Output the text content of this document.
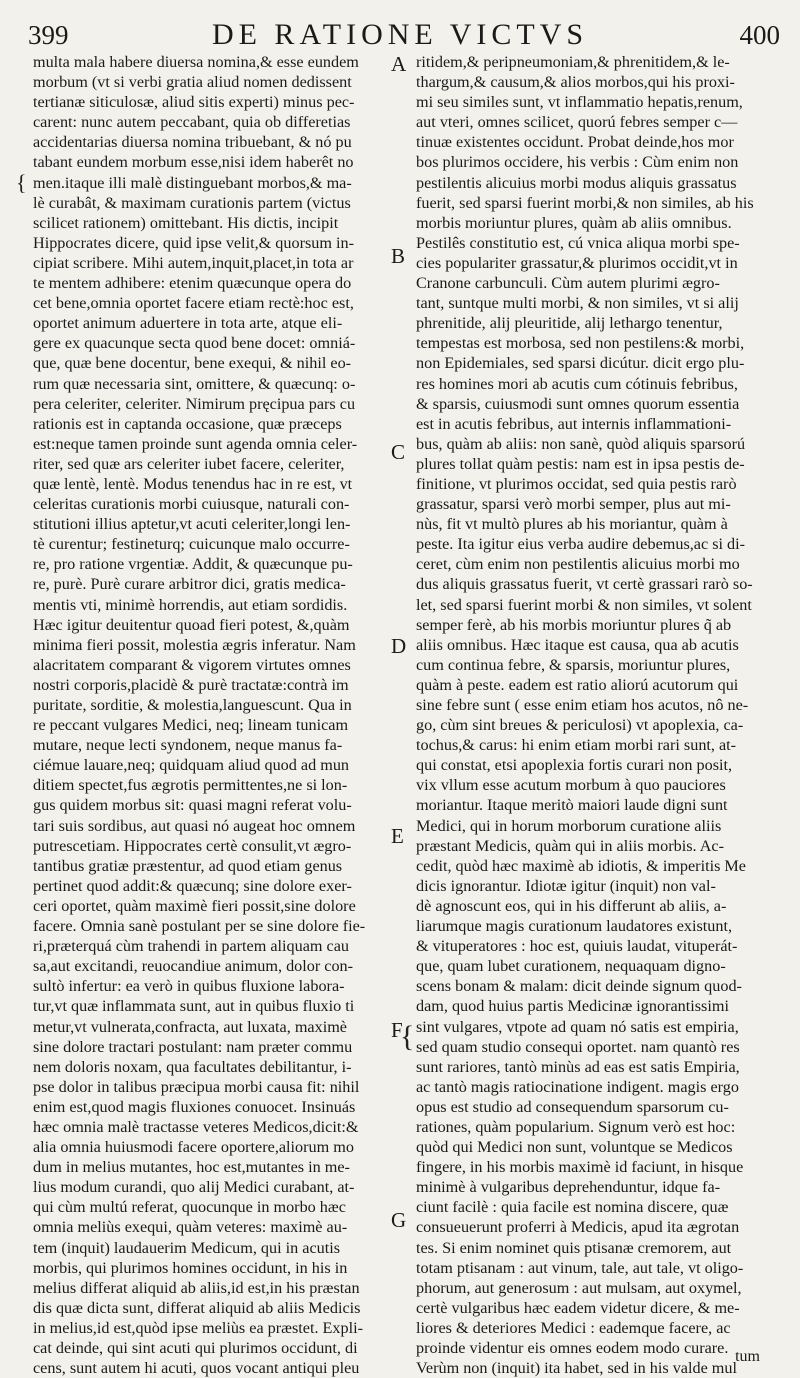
399	DE RATIONE VICTVS	400
multa mala habere diuersa nomina,& esse eundem
morbum (vt si verbi gratia aliud nomen dedissent
tertianæ siticulosæ, aliud sitis experti) minus pec-
carent: nunc autem peccabant, quia ob differetias
accidentarias diuersa nomina tribuebant, & nó pu
tabant eundem morbum esse,nisi idem haberêt no
men.itaque illi malè distinguebant morbos,& ma-
lè curabât, & maximam curationis partem (victus
scilicet rationem) omittebant. His dictis, incipit
Hippocrates dicere, quid ipse velit,& quorsum in-
cipiat scribere. Mihi autem,inquit,placet,in tota ar
te mentem adhibere: etenim quæcunque opera do
cet bene,omnia oportet facere etiam rectè:hoc est,
oportet animum aduertere in tota arte, atque eli-
gere ex quacunque secta quod bene docet: omniá-
que, quæ bene docentur, bene exequi, & nihil eo-
rum quæ necessaria sint, omittere, & quæcunq: o-
pera celeriter, celeriter. Nimirum pręcipua pars cu
rationis est in captanda occasione, quæ præceps
est:neque tamen proinde sunt agenda omnia celer-
riter, sed quæ ars celeriter iubet facere, celeriter,
quæ lentè, lentè. Modus tenendus hac in re est, vt
celeritas curationis morbi cuiusque, naturali con-
stitutioni illius aptetur,vt acuti celeriter,longi len-
tè curentur; festineturq; cuicunque malo occurre-
re, pro ratione vrgentiæ. Addit, & quæcunque pu-
re, purè. Purè curare arbitror dici, gratis medica-
mentis vti, minimè horrendis, aut etiam sordidis.
Hæc igitur deuitentur quoad fieri potest, &,quàm
minima fieri possit, molestia ægris inferatur. Nam
alacritatem comparant & vigorem virtutes omnes
nostri corporis,placidè & purè tractatæ:contrà im
puritate, sorditie, & molestia,languescunt. Qua in
re peccant vulgares Medici, neq; lineam tunicam
mutare, neque lecti syndonem, neque manus fa-
ciémue lauare,neq; quidquam aliud quod ad mun
ditiem spectet,fus ægrotis permittentes,ne si lon-
gus quidem morbus sit: quasi magni referat volu-
tari suis sordibus, aut quasi nó augeat hoc omnem
putrescetiam. Hippocrates certè consulit,vt ægro-
tantibus gratiæ præstentur, ad quod etiam genus
pertinet quod addit:& quæcunq; sine dolore exer-
ceri oportet, quàm maximè fieri possit,sine dolore
facere. Omnia sanè postulant per se sine dolore fie-
ri,præterquá cùm trahendi in partem aliquam cau
sa,aut excitandi, reuocandiue animum, dolor con-
sultò infertur: ea verò in quibus fluxione labora-
tur,vt quæ inflammata sunt, aut in quibus fluxio ti
metur,vt vulnerata,confracta, aut luxata, maximè
sine dolore tractari postulant: nam præter commu
nem doloris noxam, qua facultates debilitantur, i-
pse dolor in talibus præcipua morbi causa fit: nihil
enim est,quod magis fluxiones conuocet. Insinuás
hæc omnia malè tractasse veteres Medicos,dicit:&
alia omnia huiusmodi facere oportere,aliorum mo
dum in melius mutantes, hoc est,mutantes in me-
lius modum curandi, quo alij Medici curabant, at-
qui cùm multú referat, quocunque in morbo hæc
omnia meliùs exequi, quàm veteres: maximè au-
tem (inquit) laudauerim Medicum, qui in acutis
morbis, qui plurimos homines occidunt, in his in
melius differat aliquid ab aliis,id est,in his præstan
dis quæ dicta sunt, differat aliquid ab aliis Medicis
in melius,id est,quòd ipse meliùs ea præstet. Expli-
cat deinde, qui sint acuti qui plurimos occidunt, di
cens, sunt autem hi acuti, quos vocant antiqui pleu
ritidem,& peripneumoniam,& phrenitidem,& le-
thargum,& causum,& alios morbos,qui his proxi-
mi seu similes sunt, vt inflammatio hepatis,renum,
aut vteri, omnes scilicet, quorú febres semper c—
tinuæ existentes occidunt. Probat deinde,hos mor
bos plurimos occidere, his verbis : Cùm enim non
pestilentis alicuius morbi modus aliquis grassatus
fuerit, sed sparsi fuerint morbi,& non similes, ab his
morbis moriuntur plures, quàm ab aliis omnibus.
Pestilês constitutio est, cú vnica aliqua morbi spe-
cies populariter grassatur,& plurimos occidit,vt in
Cranone carbunculi. Cùm autem plurimi ægro-
tant, suntque multi morbi, & non similes, vt si alij
phrenitide, alij pleuritide, alij lethargo tenentur,
tempestas est morbosa, sed non pestilens:& morbi,
non Epidemiales, sed sparsi dicútur. dicit ergo plu-
res homines mori ab acutis cum cótinuis febribus,
& sparsis, cuiusmodi sunt omnes quorum essentia
est in acutis febribus, aut internis inflammationi-
bus, quàm ab aliis: non sanè, quòd aliquis sparsorú
plures tollat quàm pestis: nam est in ipsa pestis de-
finitione, vt plurimos occidat, sed quia pestis rarò
grassatur, sparsi verò morbi semper, plus aut mi-
nùs, fit vt multò plures ab his moriantur, quàm à
peste. Ita igitur eius verba audire debemus,ac si di-
ceret, cùm enim non pestilentis alicuius morbi mo
dus aliquis grassatus fuerit, vt certè grassari rarò so-
let, sed sparsi fuerint morbi & non similes, vt solent
semper ferè, ab his morbis moriuntur plures q̃ ab
aliis omnibus. Hæc itaque est causa, qua ab acutis
cum continua febre, & sparsis, moriuntur plures,
quàm à peste. eadem est ratio aliorú acutorum qui
sine febre sunt ( esse enim etiam hos acutos, nô ne-
go, cùm sint breues & periculosi) vt apoplexia, ca-
tochus,& carus: hi enim etiam morbi rari sunt, at-
qui constat, etsi apoplexia fortis curari non posit,
vix vllum esse acutum morbum à quo pauciores
moriantur. Itaque meritò maiori laude digni sunt
Medici, qui in horum morborum curatione aliis
præstant Medicis, quàm qui in aliis morbis. Ac-
cedit, quòd hæc maximè ab idiotis, & imperitis Me
dicis ignorantur. Idiotæ igitur (inquit) non val-
dè agnoscunt eos, qui in his differunt ab aliis, a-
liarumque magis curationum laudatores existunt,
& vituperatores : hoc est, quiuis laudat, vituperát-
que, quam lubet curationem, nequaquam digno-
scens bonam & malam: dicit deinde signum quod-
dam, quod huius partis Medicinæ ignorantissimi
sint vulgares, vtpote ad quam nó satis est empiria,
sed quam studio consequi oportet. nam quantò res
sunt rariores, tantò minùs ad eas est satis Empiria,
ac tantò magis ratiocinatione indigent. magis ergo
opus est studio ad consequendum sparsorum cu-
rationes, quàm popularium. Signum verò est hoc:
quòd qui Medici non sunt, voluntque se Medicos
fingere, in his morbis maximè id faciunt, in hisque
minimè à vulgaribus deprehenduntur, idque fa-
ciunt facilè : quia facile est nomina discere, quæ
consueuerunt proferri à Medicis, apud ita ægrotan
tes. Si enim nominet quis ptisanæ cremorem, aut
totam ptisanam : aut vinum, tale, aut tale, vt oligo-
phorum, aut generosum : aut mulsam, aut oxymel,
certè vulgaribus hæc eadem videtur dicere, & me-
liores & deteriores Medici : eademque facere, ac
proinde videntur eis omnes eodem modo curare.
Verùm non (inquit) ita habet, sed in his valde mul
A
B
C
D
E
F
G
{
{
tum
